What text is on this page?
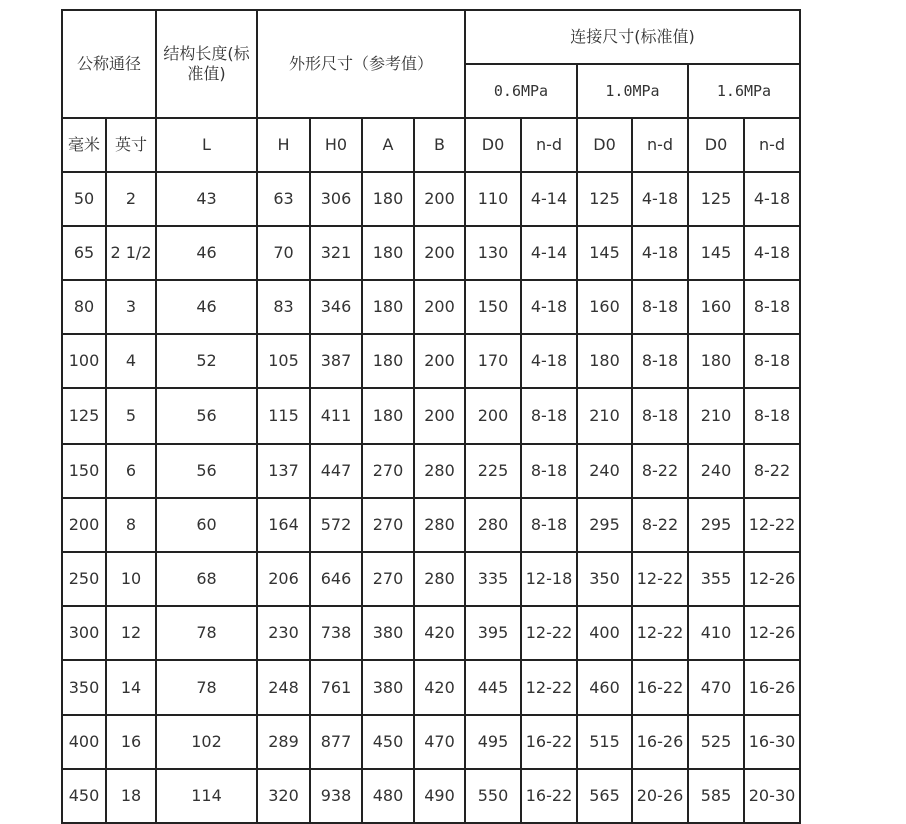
公称通径		结构长度(标准值)	外形尺寸（参考值）				连接尺寸(标准值)					
							0.6MPa		1.0MPa		1.6MPa	
毫米	英寸	L	H	H0	A	B	D0	n-d	D0	n-d	D0	n-d
50	2	43	63	306	180	200	110	4-14	125	4-18	125	4-18
65	2 1/2	46	70	321	180	200	130	4-14	145	4-18	145	4-18
80	3	46	83	346	180	200	150	4-18	160	8-18	160	8-18
100	4	52	105	387	180	200	170	4-18	180	8-18	180	8-18
125	5	56	115	411	180	200	200	8-18	210	8-18	210	8-18
150	6	56	137	447	270	280	225	8-18	240	8-22	240	8-22
200	8	60	164	572	270	280	280	8-18	295	8-22	295	12-22
250	10	68	206	646	270	280	335	12-18	350	12-22	355	12-26
300	12	78	230	738	380	420	395	12-22	400	12-22	410	12-26
350	14	78	248	761	380	420	445	12-22	460	16-22	470	16-26
400	16	102	289	877	450	470	495	16-22	515	16-26	525	16-30
450	18	114	320	938	480	490	550	16-22	565	20-26	585	20-30
